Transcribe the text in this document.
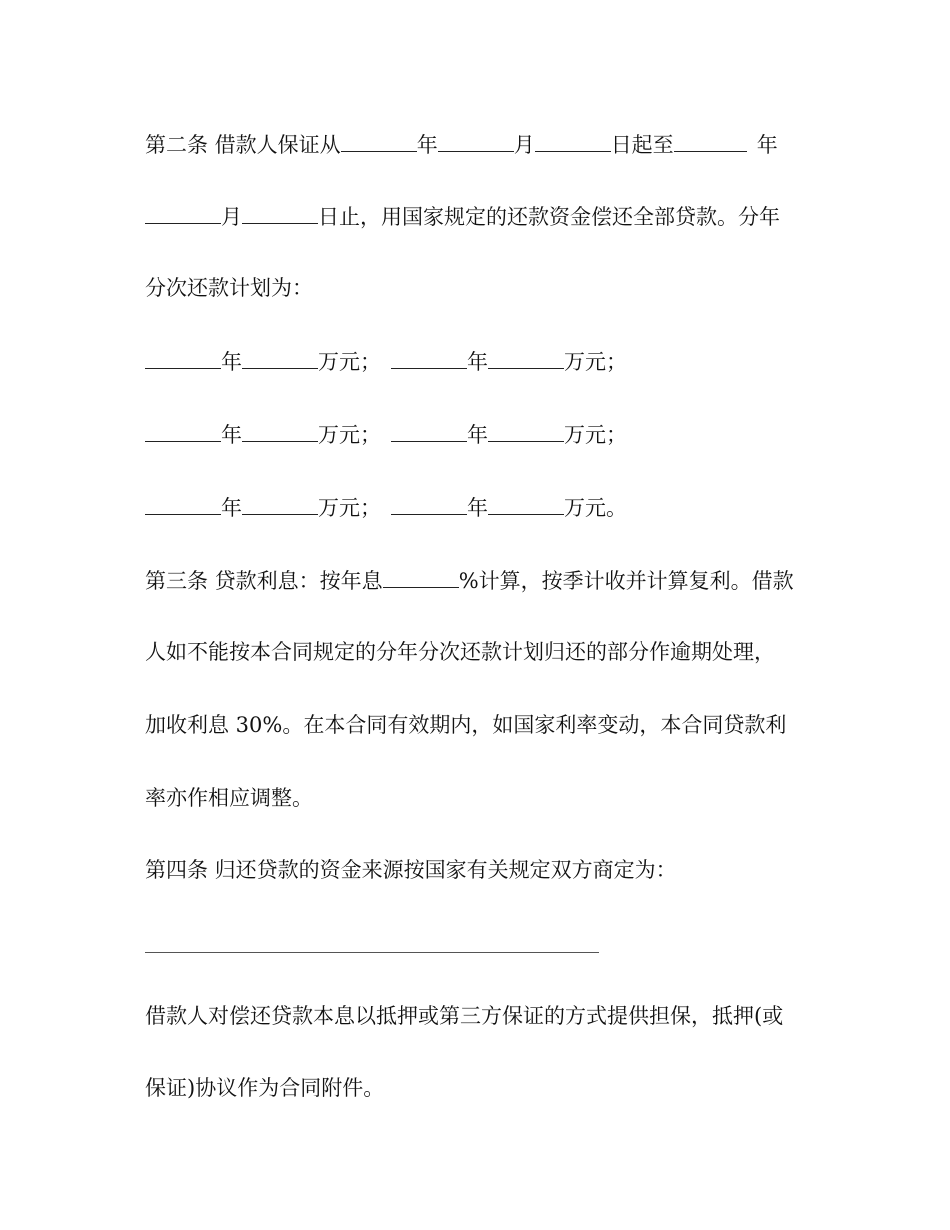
第二条 借款人保证从	年	月	日起至	年
月	日止，用国家规定的还款资金偿还全部贷款。分年
分次还款计划为：
年	万元；	年	万元；
年	万元；	年	万元；
年	万元；	年	万元。
第三条 贷款利息：按年息	%计算，按季计收并计算复利。借款
人如不能按本合同规定的分年分次还款计划归还的部分作逾期处理，
加收利息 30%。在本合同有效期内，如国家利率变动，本合同贷款利
率亦作相应调整。
第四条 归还贷款的资金来源按国家有关规定双方商定为：
借款人对偿还贷款本息以抵押或第三方保证的方式提供担保，抵押(或
保证)协议作为合同附件。
